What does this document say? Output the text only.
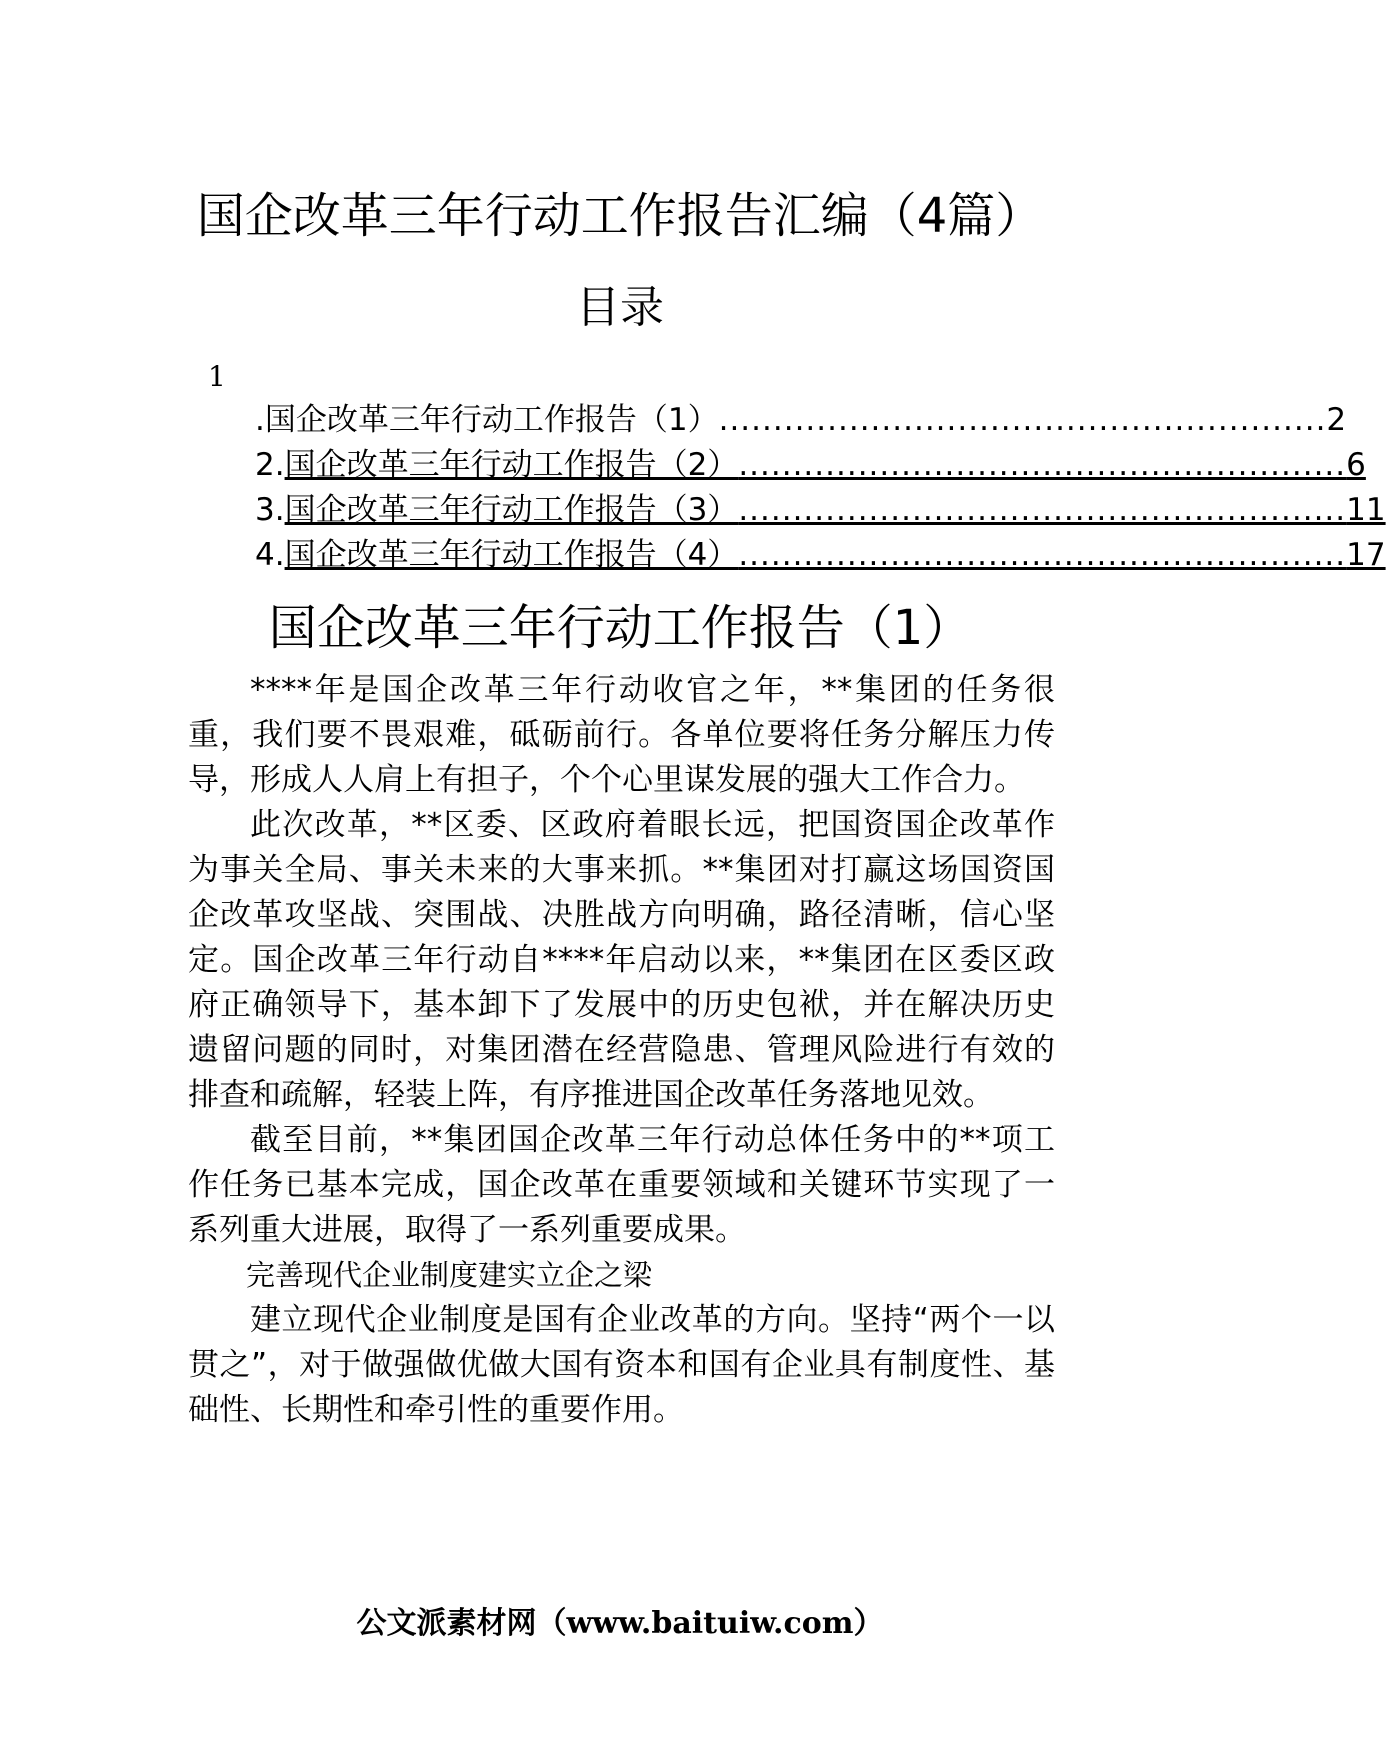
国企改革三年行动工作报告汇编（4篇）
目录
1
. 国企改革三年行动工作报告（1） ........................................................ 2
2. 国企改革三年行动工作报告（2） ........................................................ 6
3. 国企改革三年行动工作报告（3） ........................................................ 11
4. 国企改革三年行动工作报告（4） ........................................................ 17
国企改革三年行动工作报告（1）

****年是国企改革三年行动收官之年，**集团的任务很重，我们要不畏艰难，砥砺前行。各单位要将任务分解压力传导，形成人人肩上有担子，个个心里谋发展的强大工作合力。

此次改革，**区委、区政府着眼长远，把国资国企改革作为事关全局、事关未来的大事来抓。**集团对打赢这场国资国企改革攻坚战、突围战、决胜战方向明确，路径清晰，信心坚定。国企改革三年行动自****年启动以来，**集团在区委区政府正确领导下，基本卸下了发展中的历史包袱，并在解决历史遗留问题的同时，对集团潜在经营隐患、管理风险进行有效的排查和疏解，轻装上阵，有序推进国企改革任务落地见效。

截至目前，**集团国企改革三年行动总体任务中的**项工作任务已基本完成，国企改革在重要领域和关键环节实现了一系列重大进展，取得了一系列重要成果。

完善现代企业制度建实立企之梁

建立现代企业制度是国有企业改革的方向。坚持“两个一以贯之”，对于做强做优做大国有资本和国有企业具有制度性、基础性、长期性和牵引性的重要作用。

公文派素材网（www.baituiw.com）
